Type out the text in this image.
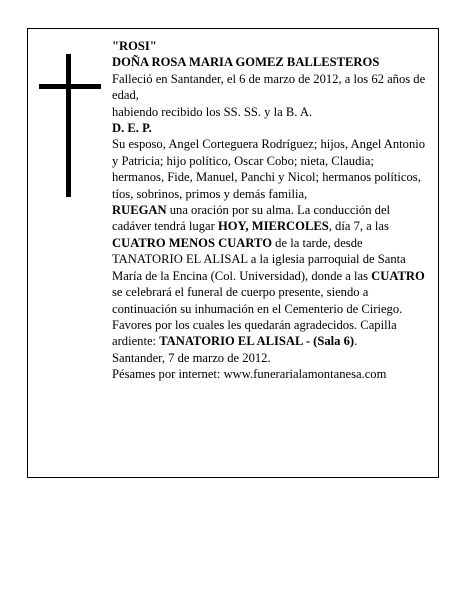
"ROSI"

DOÑA ROSA MARIA GOMEZ BALLESTEROS

Falleció en Santander, el 6 de marzo de 2012, a los 62 años de edad,

habiendo recibido los SS. SS. y la B. A.

D. E. P.

Su esposo, Angel Corteguera Rodríguez; hijos, Angel Antonio y Patricia; hijo político, Oscar Cobo; nieta, Claudia; hermanos, Fide, Manuel, Panchi y Nicol; hermanos políticos, tíos, sobrinos, primos y demás familia,

RUEGAN una oración por su alma. La conducción del cadáver tendrá lugar HOY, MIERCOLES, día 7, a las CUATRO MENOS CUARTO de la tarde, desde TANATORIO EL ALISAL a la iglesia parroquial de Santa María de la Encina (Col. Universidad), donde a las CUATRO se celebrará el funeral de cuerpo presente, siendo a continuación su inhumación en el Cementerio de Ciriego. Favores por los cuales les quedarán agradecidos. Capilla ardiente: TANATORIO EL ALISAL - (Sala 6).

Santander, 7 de marzo de 2012.

Pésames por internet: www.funerarialamontanesa.com
